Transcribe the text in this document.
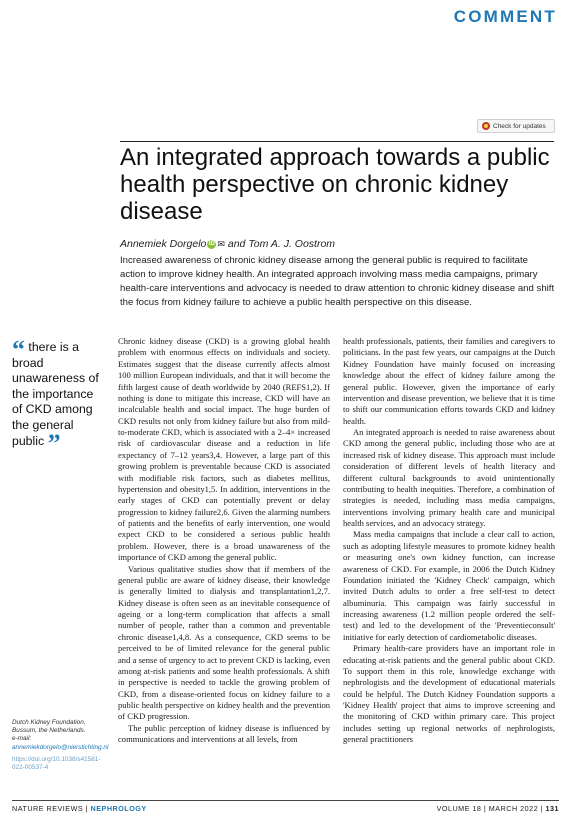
COMMENT
Check for updates
An integrated approach towards a public health perspective on chronic kidney disease
Annemiek Dorgelo iD ✉ and Tom A. J. Oostrom

Increased awareness of chronic kidney disease among the general public is required to facilitate action to improve kidney health. An integrated approach involving mass media campaigns, primary health-care interventions and advocacy is needed to draw attention to chronic kidney disease and shift the focus from kidney failure to achieve a public health perspective on this disease.

“ there is a broad unawareness of the importance of CKD among the general public ”
Dutch Kidney Foundation, Bussum, the Netherlands.
e-mail: annemiekdorgelo@nierstichting.nl
https://doi.org/10.1038/s41581-022-00537-4

Chronic kidney disease (CKD) is a growing global health problem with enormous effects on individuals and society. Estimates suggest that the disease currently affects almost 100 million European individuals, and that it will become the fifth largest cause of death worldwide by 2040 (REFS1,2). If nothing is done to mitigate this increase, CKD will have an incalculable health and social impact. The huge burden of CKD results not only from kidney failure but also from mild-to-moderate CKD, which is associated with a 2–4× increased risk of cardiovascular disease and a reduction in life expectancy of 7–12 years3,4. However, a large part of this growing problem is preventable because CKD is associated with modifiable risk factors, such as diabetes mellitus, hypertension and obesity1,5. In addition, interventions in the early stages of CKD can potentially prevent or delay progression to kidney failure2,6. Given the alarming numbers of patients and the benefits of early intervention, one would expect CKD to be considered a serious public health problem. However, there is a broad unawareness of the importance of CKD among the general public.

Various qualitative studies show that if members of the general public are aware of kidney disease, their knowledge is generally limited to dialysis and transplantation1,2,7. Kidney disease is often seen as an inevitable consequence of ageing or a long-term complication that affects a small number of people, rather than a common and preventable chronic disease1,4,8. As a consequence, CKD seems to be perceived to be of limited relevance for the general public and a sense of urgency to act to prevent CKD is lacking, even among at-risk patients and some health professionals. A shift in perspective is needed to tackle the growing problem of CKD, from a disease-oriented focus on kidney failure to a public health perspective on kidney health and the prevention of CKD progression.

The public perception of kidney disease is influenced by communications and interventions at all levels, from

health professionals, patients, their families and caregivers to politicians. In the past few years, our campaigns at the Dutch Kidney Foundation have mainly focused on increasing knowledge about the effect of kidney failure among the general public. However, given the importance of early intervention and disease prevention, we believe that it is time to shift our communication efforts towards CKD and kidney health.

An integrated approach is needed to raise awareness about CKD among the general public, including those who are at increased risk of kidney disease. This approach must include consideration of different levels of health literacy and different cultural backgrounds to avoid unintentionally contributing to health inequities. Therefore, a combination of strategies is needed, including mass media campaigns, interventions involving primary health care and municipal health services, and an advocacy strategy.

Mass media campaigns that include a clear call to action, such as adopting lifestyle measures to promote kidney health or measuring one's own kidney function, can increase awareness of CKD. For example, in 2006 the Dutch Kidney Foundation initiated the 'Kidney Check' campaign, which invited Dutch adults to order a free self-test to detect albuminuria. This campaign was fairly successful in increasing awareness (1.2 million people ordered the self-test) and led to the development of the 'Preventieconsult' initiative for early detection of cardiometabolic diseases.

Primary health-care providers have an important role in educating at-risk patients and the general public about CKD. To support them in this role, knowledge exchange with nephrologists and the development of educational materials could be helpful. The Dutch Kidney Foundation supports a 'Kidney Health' project that aims to improve screening and the monitoring of CKD within primary care. This project includes setting up regional networks of nephrologists, general practitioners

NATURE REVIEWS | NEPHROLOGY	VOLUME 18 | MARCH 2022 | 131
